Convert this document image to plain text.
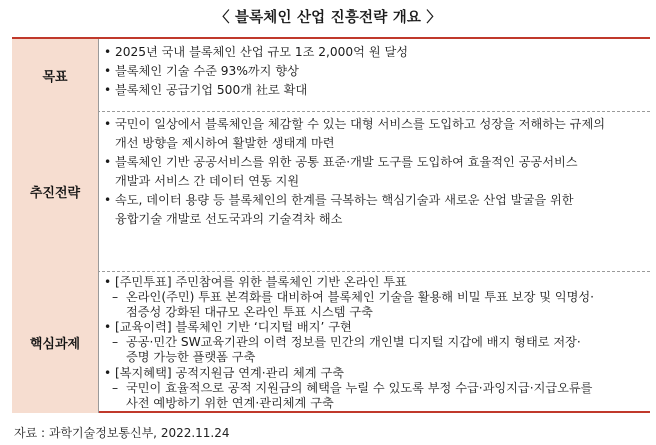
〈 블록체인 산업 진흥전략 개요 〉
목표
• 2025년 국내 블록체인 산업 규모 1조 2,000억 원 달성
• 블록체인 기술 수준 93%까지 향상
• 블록체인 공급기업 500개 社로 확대
추진전략
• 국민이 일상에서 블록체인을 체감할 수 있는 대형 서비스를 도입하고 성장을 저해하는 규제의
개선 방향을 제시하여 활발한 생태계 마련
• 블록체인 기반 공공서비스를 위한 공통 표준·개발 도구를 도입하여 효율적인 공공서비스
개발과 서비스 간 데이터 연동 지원
• 속도, 데이터 용량 등 블록체인의 한계를 극복하는 핵심기술과 새로운 산업 발굴을 위한
융합기술 개발로 선도국과의 기술격차 해소
핵심과제
• [주민투표] 주민참여를 위한 블록체인 기반 온라인 투표
– 온라인(주민) 투표 본격화를 대비하여 블록체인 기술을 활용해 비밀 투표 보장 및 익명성·
점증성 강화된 대규모 온라인 투표 시스템 구축
• [교육이력] 블록체인 기반 ‘디지털 배지’ 구현
– 공공·민간 SW교육기관의 이력 정보를 민간의 개인별 디지털 지갑에 배지 형태로 저장·
증명 가능한 플랫폼 구축
• [복지혜택] 공적지원금 연계·관리 체계 구축
– 국민이 효율적으로 공적 지원금의 혜택을 누릴 수 있도록 부정 수급·과잉지급·지급오류를
사전 예방하기 위한 연계·관리체계 구축
자료 : 과학기술정보통신부, 2022.11.24
